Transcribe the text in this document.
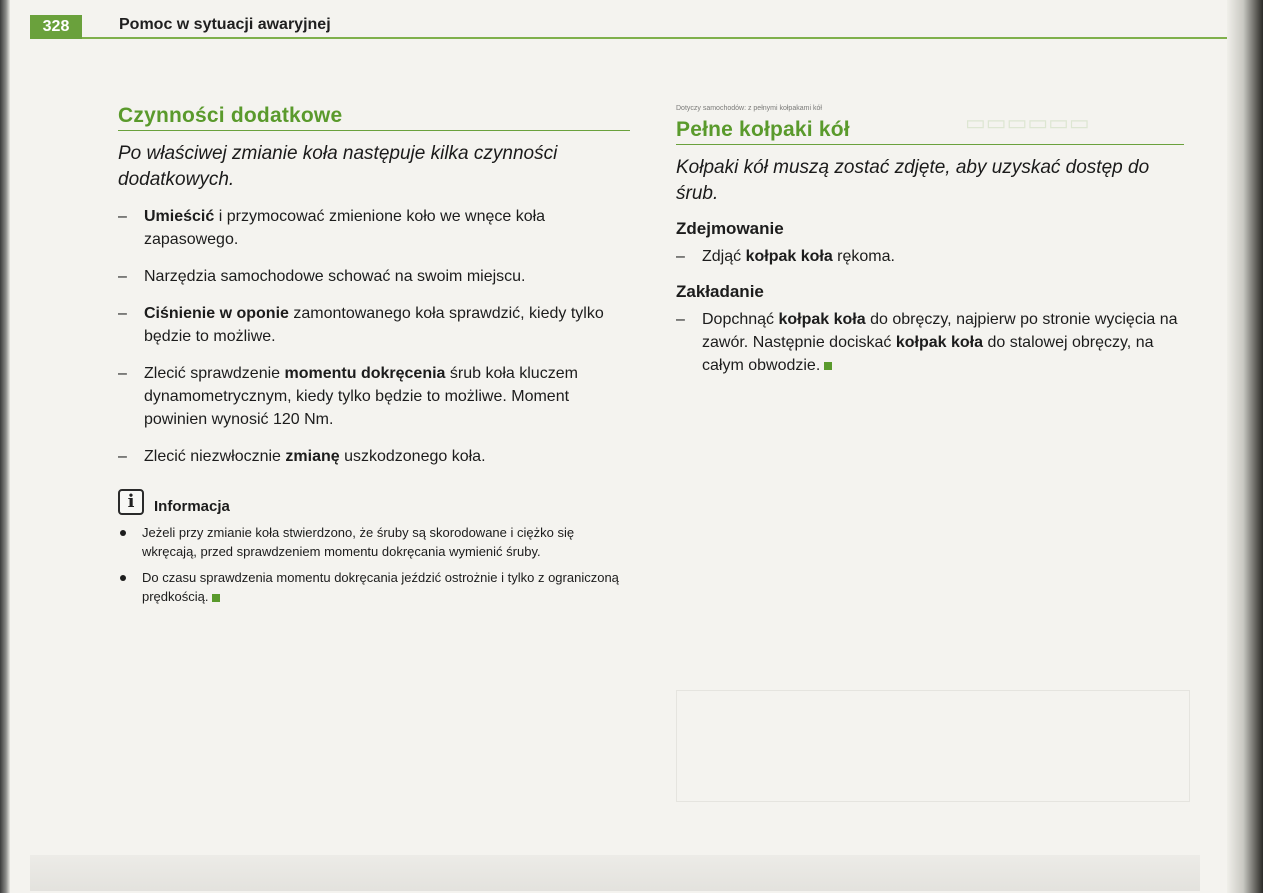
328	Pomoc w sytuacji awaryjnej
▭▭▭▭▭▭
Czynności dodatkowe

Po właściwej zmianie koła następuje kilka czynności dodatkowych.

– Umieścić i przymocować zmienione koło we wnęce koła zapasowego.
– Narzędzia samochodowe schować na swoim miejscu.
– Ciśnienie w oponie zamontowanego koła sprawdzić, kiedy tylko będzie to możliwe.
– Zlecić sprawdzenie momentu dokręcenia śrub koła kluczem dynamometrycznym, kiedy tylko będzie to możliwe. Moment powinien wynosić 120 Nm.
– Zlecić niezwłocznie zmianę uszkodzonego koła.
i	Informacja
Jeżeli przy zmianie koła stwierdzono, że śruby są skorodowane i ciężko się wkręcają, przed sprawdzeniem momentu dokręcania wymienić śruby.
Do czasu sprawdzenia momentu dokręcania jeździć ostrożnie i tylko z ograniczoną prędkością.
Dotyczy samochodów: z pełnymi kołpakami kół
Pełne kołpaki kół

Kołpaki kół muszą zostać zdjęte, aby uzyskać dostęp do śrub.

Zdejmowanie
– Zdjąć kołpak koła rękoma.
Zakładanie
– Dopchnąć kołpak koła do obręczy, najpierw po stronie wycięcia na zawór. Następnie dociskać kołpak koła do stalowej obręczy, na całym obwodzie.
